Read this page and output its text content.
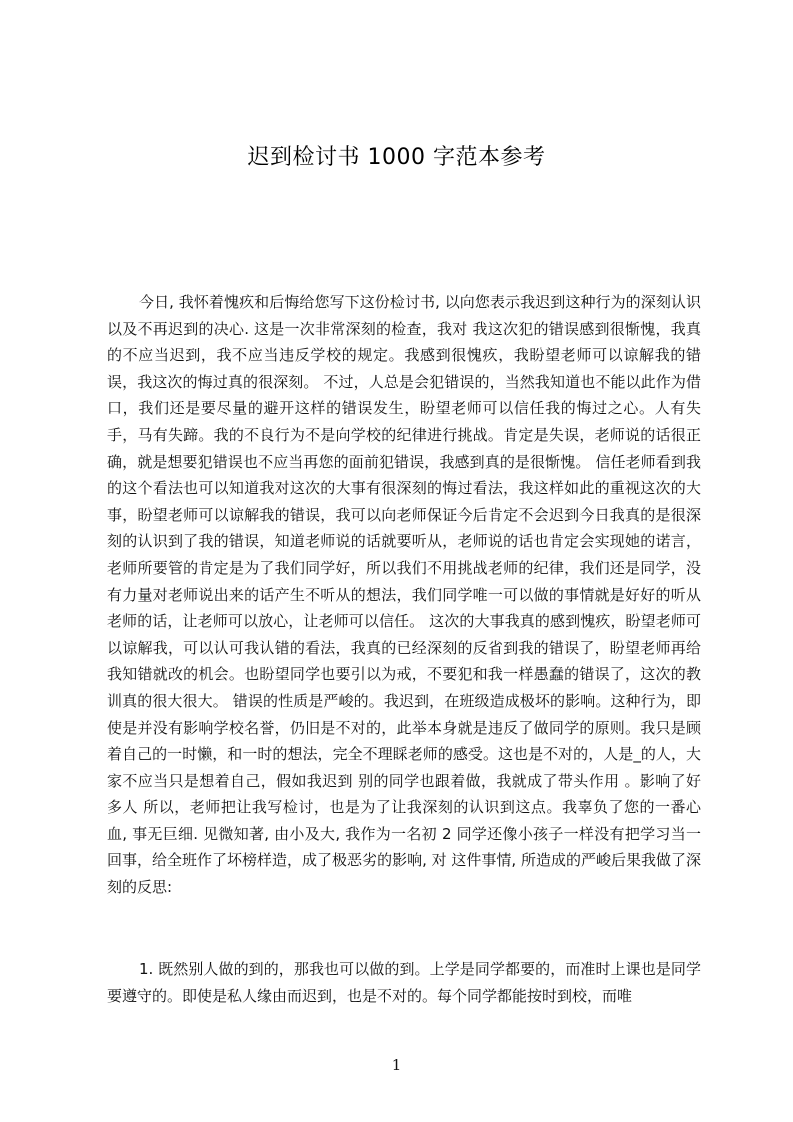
迟到检讨书 1000 字范本参考

今日, 我怀着愧疚和后悔给您写下这份检讨书, 以向您表示我迟到这种行为的深刻认识以及不再迟到的决心. 这是一次非常深刻的检查，我对 我这次犯的错误感到很惭愧，我真的不应当迟到，我不应当违反学校的规定。我感到很愧疚，我盼望老师可以谅解我的错误，我这次的悔过真的很深刻。 不过，人总是会犯错误的，当然我知道也不能以此作为借口，我们还是要尽量的避开这样的错误发生，盼望老师可以信任我的悔过之心。人有失手，马有失蹄。我的不良行为不是向学校的纪律进行挑战。肯定是失误，老师说的话很正确，就是想要犯错误也不应当再您的面前犯错误，我感到真的是很惭愧。 信任老师看到我的这个看法也可以知道我对这次的大事有很深刻的悔过看法，我这样如此的重视这次的大事，盼望老师可以谅解我的错误，我可以向老师保证今后肯定不会迟到今日我真的是很深刻的认识到了我的错误，知道老师说的话就要听从，老师说的话也肯定会实现她的诺言，老师所要管的肯定是为了我们同学好，所以我们不用挑战老师的纪律，我们还是同学，没有力量对老师说出来的话产生不听从的想法，我们同学唯一可以做的事情就是好好的听从老师的话，让老师可以放心，让老师可以信任。 这次的大事我真的感到愧疚，盼望老师可以谅解我，可以认可我认错的看法，我真的已经深刻的反省到我的错误了，盼望老师再给我知错就改的机会。也盼望同学也要引以为戒，不要犯和我一样愚蠢的错误了，这次的教训真的很大很大。 错误的性质是严峻的。我迟到，在班级造成极坏的影响。这种行为，即使是并没有影响学校名誉，仍旧是不对的，此举本身就是违反了做同学的原则。我只是顾着自己的一时懒，和一时的想法，完全不理睬老师的感受。这也是不对的，人是_的人，大家不应当只是想着自己，假如我迟到 别的同学也跟着做，我就成了带头作用 。影响了好多人 所以，老师把让我写检讨，也是为了让我深刻的认识到这点。我辜负了您的一番心血, 事无巨细. 见微知著, 由小及大, 我作为一名初 2 同学还像小孩子一样没有把学习当一回事，给全班作了坏榜样造，成了极恶劣的影响, 对 这件事情, 所造成的严峻后果我做了深刻的反思:

1. 既然别人做的到的，那我也可以做的到。上学是同学都要的，而准时上课也是同学要遵守的。即使是私人缘由而迟到，也是不对的。每个同学都能按时到校，而唯

1
